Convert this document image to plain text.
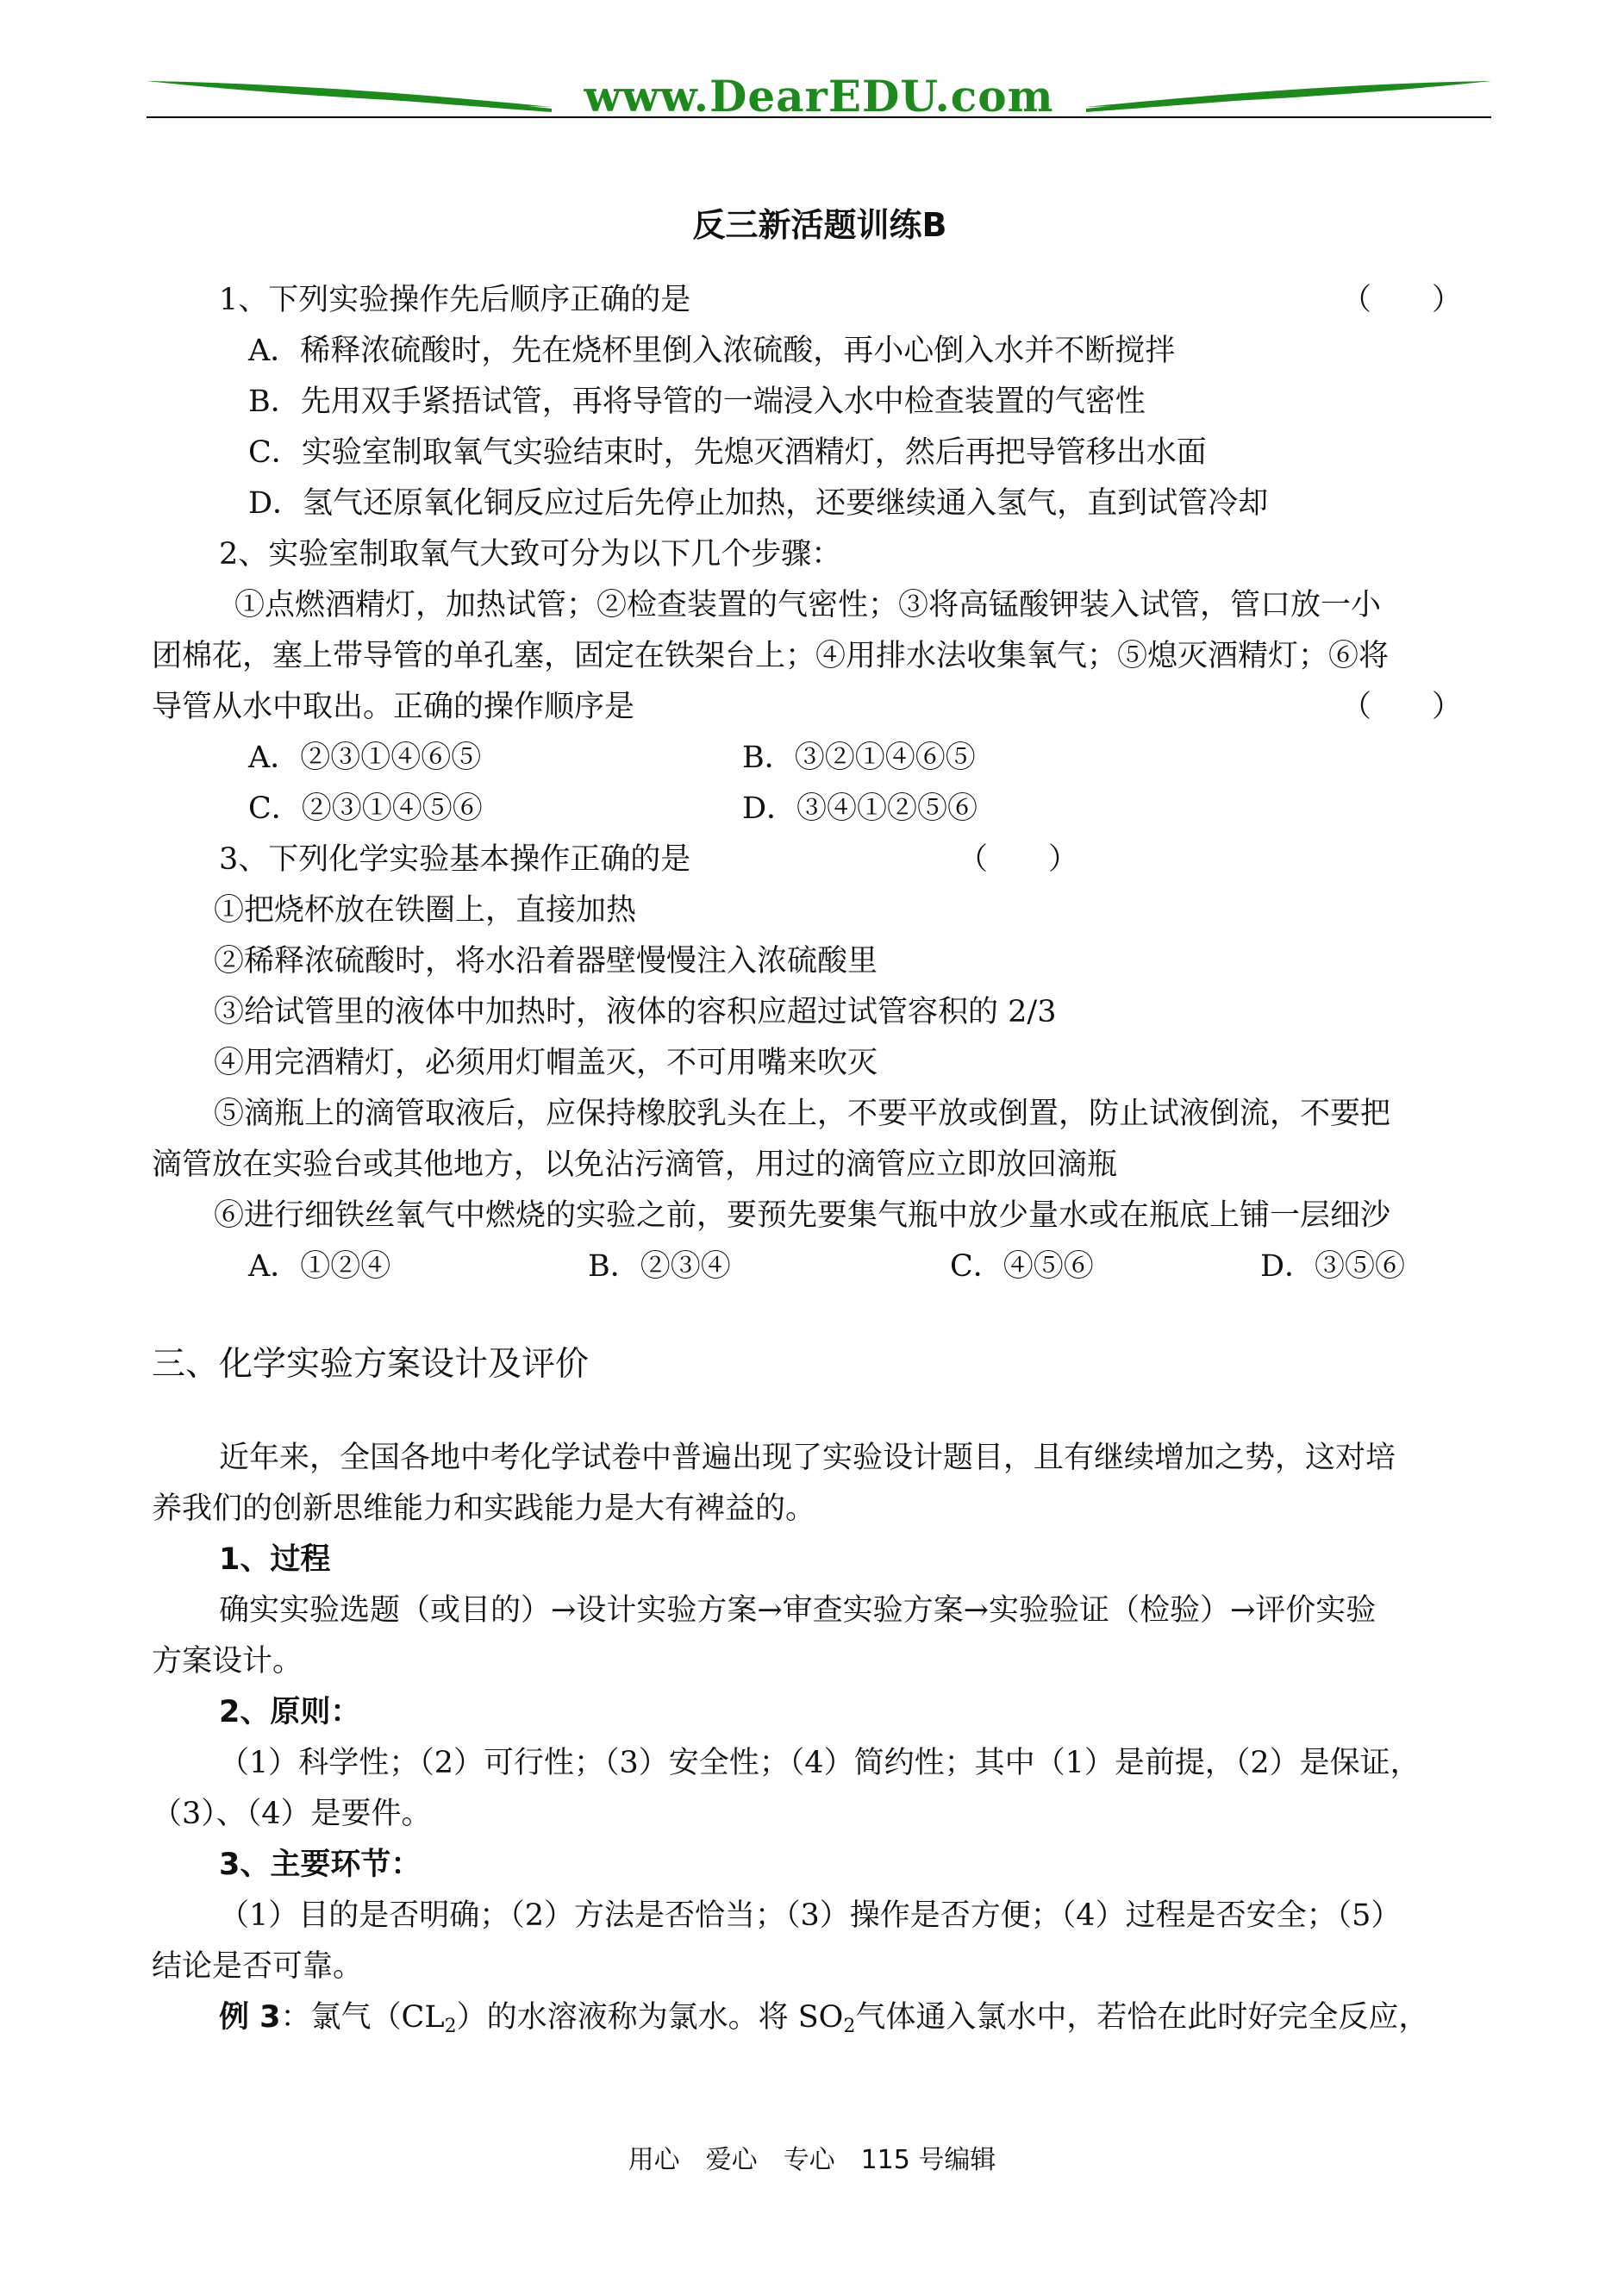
www.DearEDU.com
反三新活题训练B
1、下列实验操作先后顺序正确的是	（　　）
A．稀释浓硫酸时，先在烧杯里倒入浓硫酸，再小心倒入水并不断搅拌
B．先用双手紧捂试管，再将导管的一端浸入水中检查装置的气密性
C．实验室制取氧气实验结束时，先熄灭酒精灯，然后再把导管移出水面
D．氢气还原氧化铜反应过后先停止加热，还要继续通入氢气，直到试管冷却
2、实验室制取氧气大致可分为以下几个步骤：
①点燃酒精灯，加热试管；②检查装置的气密性；③将高锰酸钾装入试管，管口放一小
团棉花，塞上带导管的单孔塞，固定在铁架台上；④用排水法收集氧气；⑤熄灭酒精灯；⑥将
导管从水中取出。正确的操作顺序是	（　　）
A．②③①④⑥⑤	B．③②①④⑥⑤
C．②③①④⑤⑥	D．③④①②⑤⑥
3、下列化学实验基本操作正确的是	（　　）
①把烧杯放在铁圈上，直接加热
②稀释浓硫酸时，将水沿着器壁慢慢注入浓硫酸里
③给试管里的液体中加热时，液体的容积应超过试管容积的 2/3
④用完酒精灯，必须用灯帽盖灭，不可用嘴来吹灭
⑤滴瓶上的滴管取液后，应保持橡胶乳头在上，不要平放或倒置，防止试液倒流，不要把
滴管放在实验台或其他地方，以免沾污滴管，用过的滴管应立即放回滴瓶
⑥进行细铁丝氧气中燃烧的实验之前，要预先要集气瓶中放少量水或在瓶底上铺一层细沙
A．①②④	B．②③④	C．④⑤⑥	D．③⑤⑥
三、化学实验方案设计及评价
近年来，全国各地中考化学试卷中普遍出现了实验设计题目，且有继续增加之势，这对培
养我们的创新思维能力和实践能力是大有裨益的。
1、过程
确实实验选题（或目的）→设计实验方案→审查实验方案→实验验证（检验）→评价实验
方案设计。
2、原则：
（1）科学性；（2）可行性；（3）安全性；（4）简约性；其中（1）是前提，（2）是保证，
（3）、（4）是要件。
3、主要环节：
（1）目的是否明确；（2）方法是否恰当；（3）操作是否方便；（4）过程是否安全；（5）
结论是否可靠。
例 3：氯气$(CL_2)$的水溶液称为氯水。将 $SO_2$气体通入氯水中，若恰在此时好完全反应，
用心　爱心　专心　115 号编辑
